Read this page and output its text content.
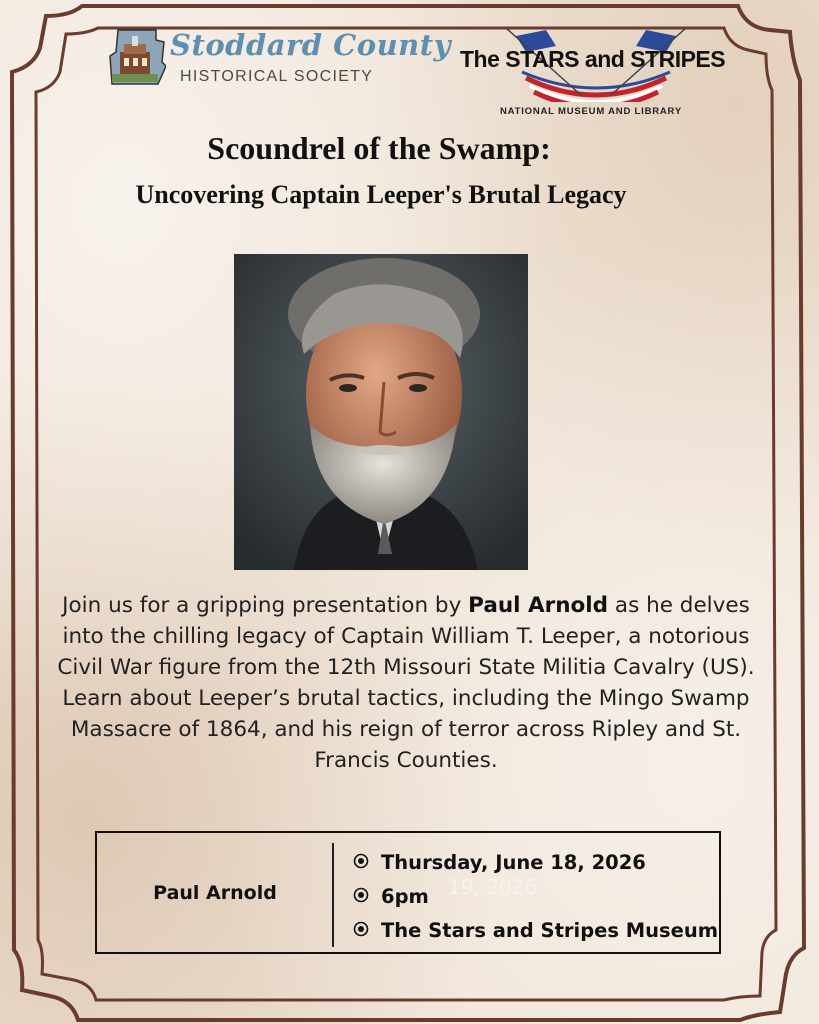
Stoddard County
HISTORICAL SOCIETY
The STARS and STRIPES
NATIONAL MUSEUM AND LIBRARY
Scoundrel of the Swamp:
Uncovering Captain Leeper's Brutal Legacy
Join us for a gripping presentation by Paul Arnold as he delves into the chilling legacy of Captain William T. Leeper, a notorious Civil War figure from the 12th Missouri State Militia Cavalry (US). Learn about Leeper’s brutal tactics, including the Mingo Swamp Massacre of 1864, and his reign of terror across Ripley and St. Francis Counties.
19, 2026
Paul Arnold
Thursday, June 18, 2026
6pm
The Stars and Stripes Museum
